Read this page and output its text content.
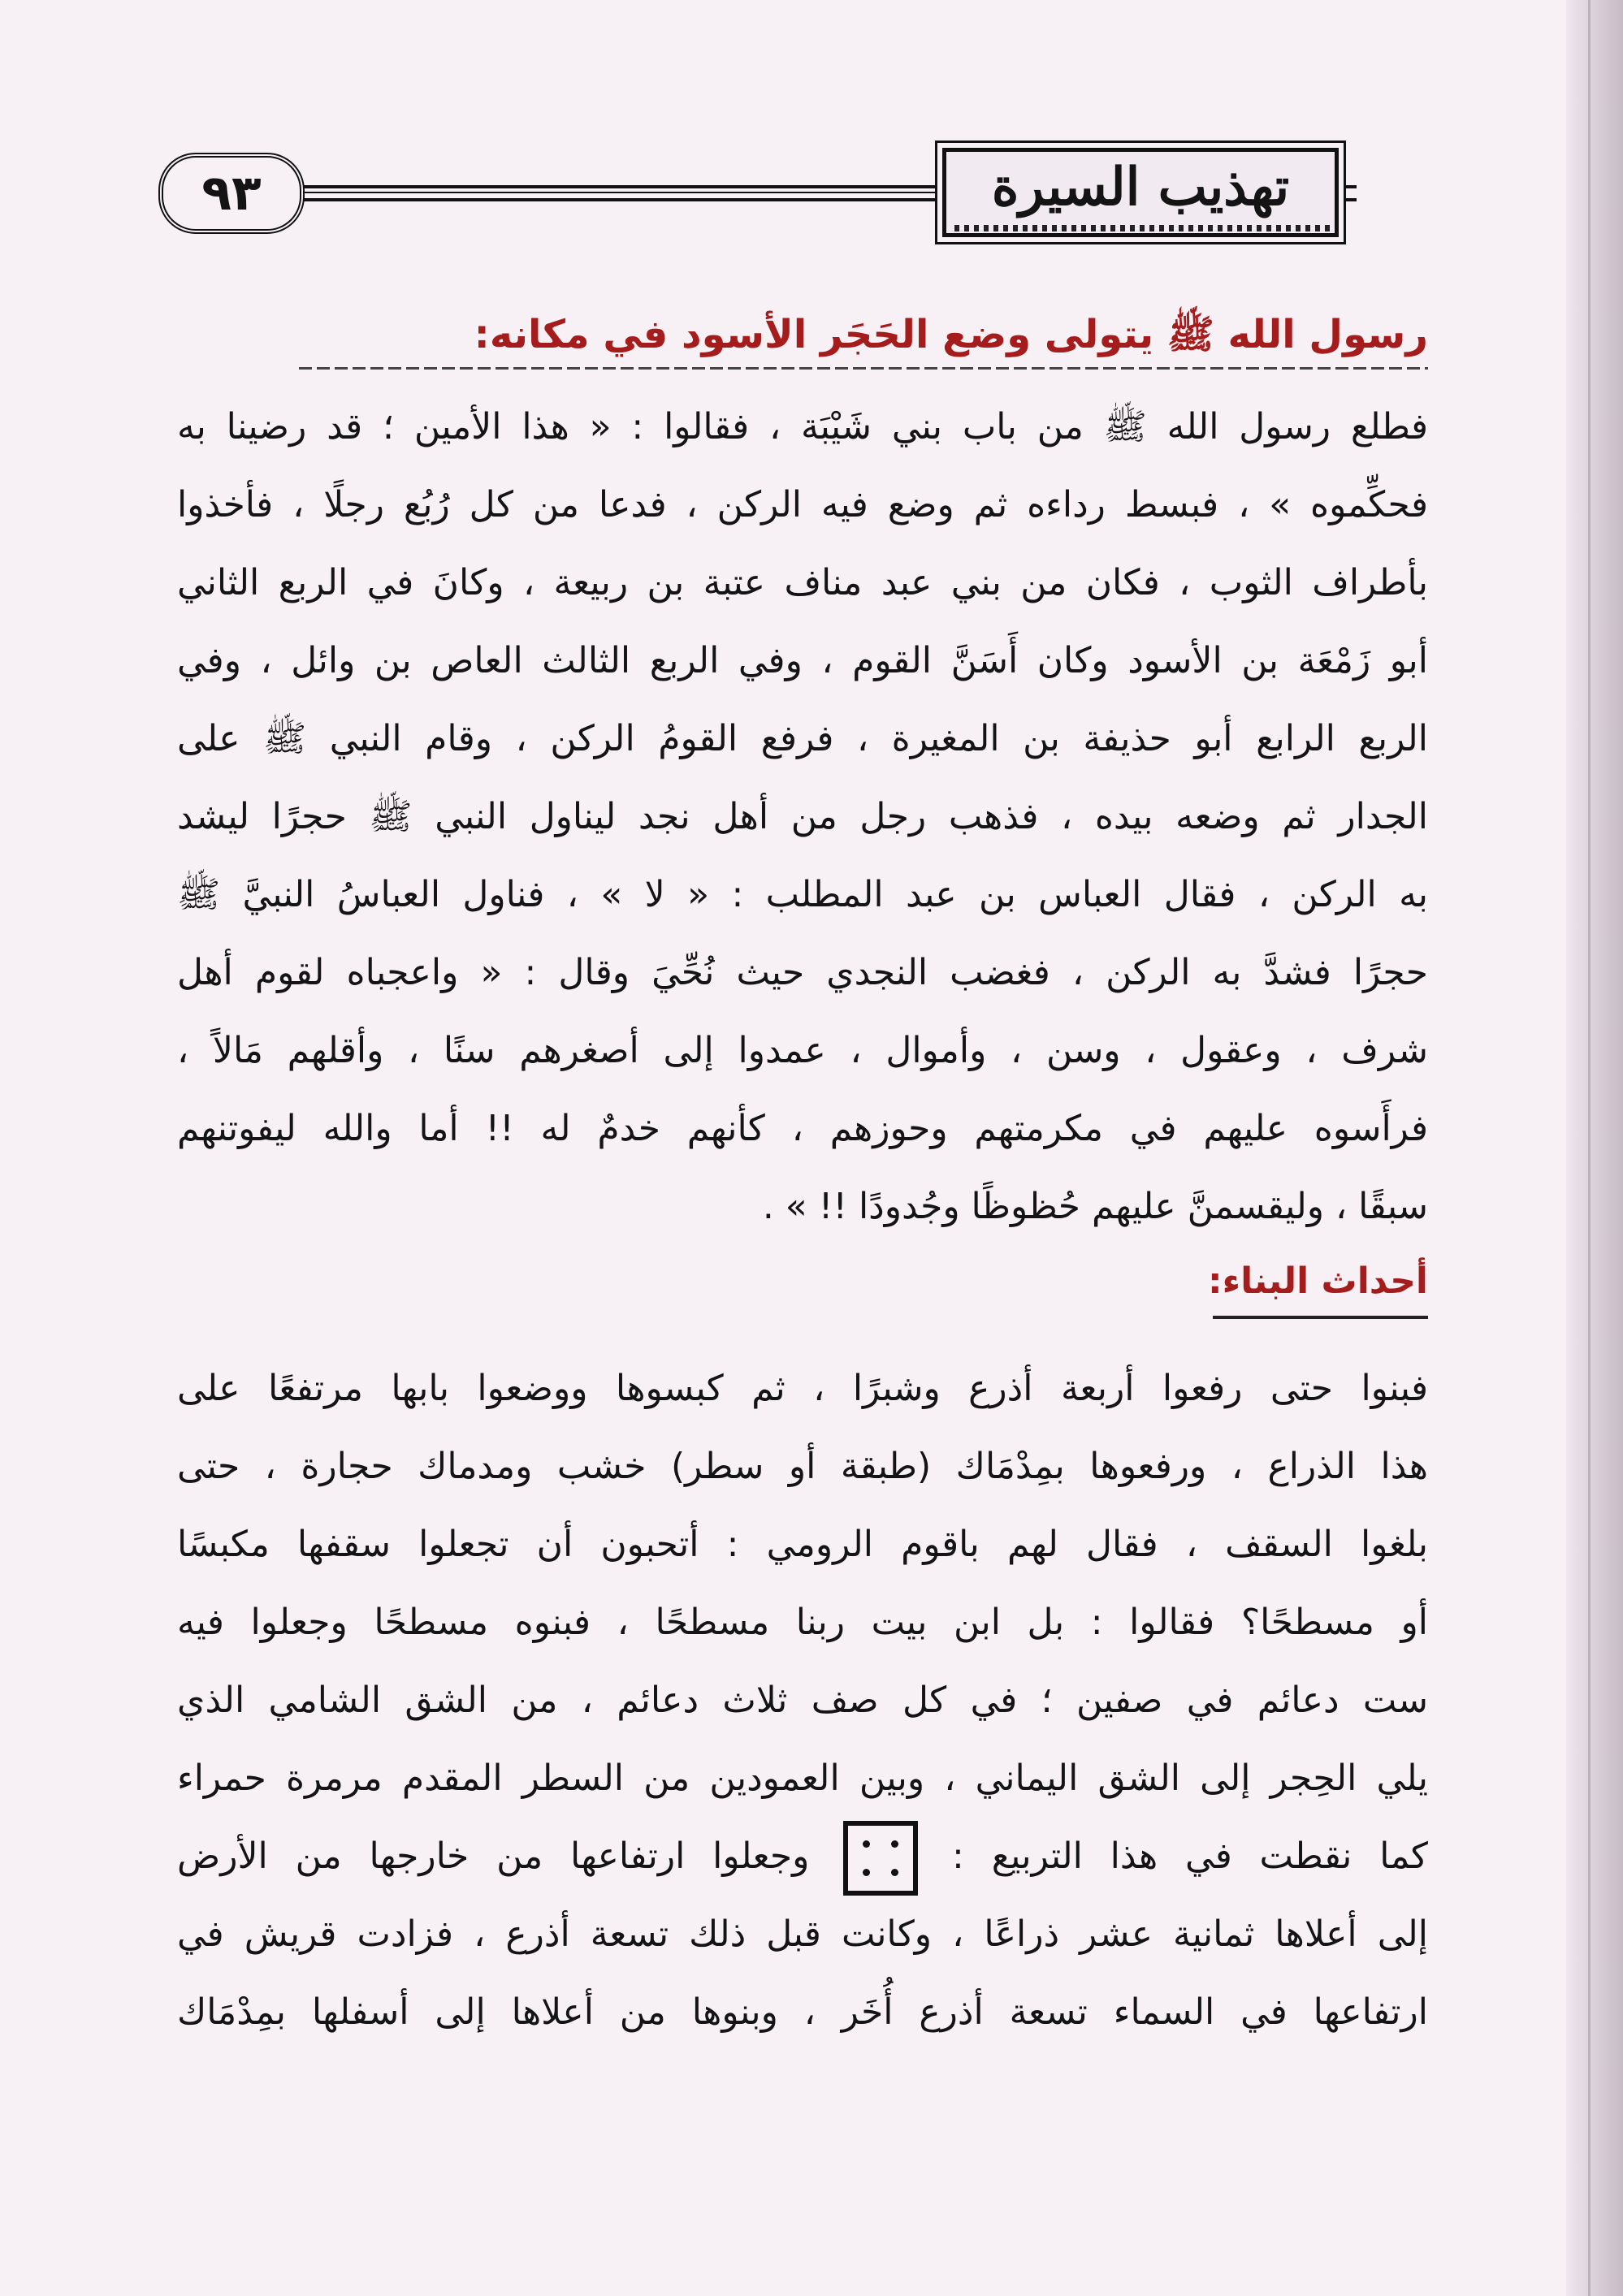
٩٣	تهذيب السيرة
رسول الله ﷺ يتولى وضع الحَجَر الأسود في مكانه:
فطلع رسول الله ﷺ من باب بني شَيْبَة ، فقالوا : « هذا الأمين ؛ قد رضينا به
فحكِّموه » ، فبسط رداءه ثم وضع فيه الركن ، فدعا من كل رُبُع رجلًا ، فأخذوا
بأطراف الثوب ، فكان من بني عبد مناف عتبة بن ربيعة ، وكانَ في الربع الثاني
أبو زَمْعَة بن الأسود وكان أَسَنَّ القوم ، وفي الربع الثالث العاص بن وائل ، وفي
الربع الرابع أبو حذيفة بن المغيرة ، فرفع القومُ الركن ، وقام النبي ﷺ على
الجدار ثم وضعه بيده ، فذهب رجل من أهل نجد ليناول النبي ﷺ حجرًا ليشد
به الركن ، فقال العباس بن عبد المطلب : « لا » ، فناول العباسُ النبيَّ ﷺ
حجرًا فشدَّ به الركن ، فغضب النجدي حيث نُحِّيَ وقال : « واعجباه لقوم أهل
شرف ، وعقول ، وسن ، وأموال ، عمدوا إلى أصغرهم سنًا ، وأقلهم مَالاً ،
فرأَسوه عليهم في مكرمتهم وحوزهم ، كأنهم خدمٌ له !! أما والله ليفوتنهم
سبقًا ، وليقسمنَّ عليهم حُظوظًا وجُدودًا !! » .
أحداث البناء:
فبنوا حتى رفعوا أربعة أذرع وشبرًا ، ثم كبسوها ووضعوا بابها مرتفعًا على
هذا الذراع ، ورفعوها بمِدْمَاك (طبقة أو سطر) خشب ومدماك حجارة ، حتى
بلغوا السقف ، فقال لهم باقوم الرومي : أتحبون أن تجعلوا سقفها مكبسًا
أو مسطحًا؟ فقالوا : بل ابن بيت ربنا مسطحًا ، فبنوه مسطحًا وجعلوا فيه
ست دعائم في صفين ؛ في كل صف ثلاث دعائم ، من الشق الشامي الذي
يلي الحِجر إلى الشق اليماني ، وبين العمودين من السطر المقدم مرمرة حمراء
كما نقطت في هذا التربيع :
وجعلوا ارتفاعها من خارجها من الأرض
إلى أعلاها ثمانية عشر ذراعًا ، وكانت قبل ذلك تسعة أذرع ، فزادت قريش في
ارتفاعها في السماء تسعة أذرع أُخَر ، وبنوها من أعلاها إلى أسفلها بمِدْمَاك
